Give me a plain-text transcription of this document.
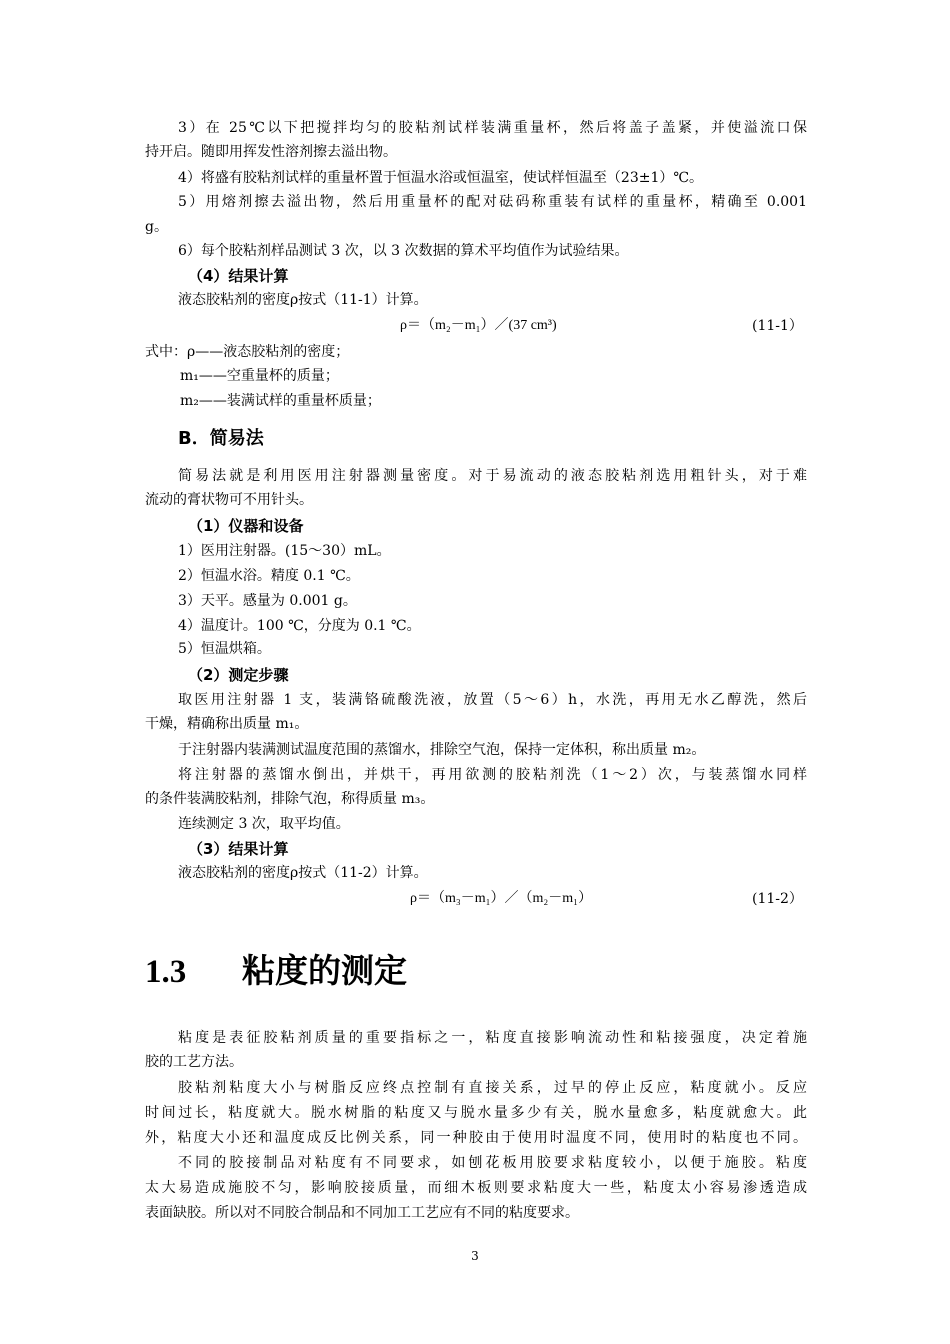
3）在 25℃以下把搅拌均匀的胶粘剂试样装满重量杯，然后将盖子盖紧，并使溢流口保
持开启。随即用挥发性溶剂擦去溢出物。
4）将盛有胶粘剂试样的重量杯置于恒温水浴或恒温室，使试样恒温至（23±1）℃。
5）用熔剂擦去溢出物，然后用重量杯的配对砝码称重装有试样的重量杯，精确至 0.001
g。
6）每个胶粘剂样品测试 3 次，以 3 次数据的算术平均值作为试验结果。
（4）结果计算
液态胶粘剂的密度ρ按式（11-1）计算。
ρ＝（m₂－m₁）／(37 cm³)	(11-1）
式中：ρ——液态胶粘剂的密度；
m₁——空重量杯的质量；
m₂——装满试样的重量杯质量；
B．简易法
简易法就是利用医用注射器测量密度。对于易流动的液态胶粘剂选用粗针头，对于难
流动的膏状物可不用针头。
（1）仪器和设备
1）医用注射器。(15～30）mL。
2）恒温水浴。精度 0.1 ℃。
3）天平。感量为 0.001 g。
4）温度计。100 ℃，分度为 0.1 ℃。
5）恒温烘箱。
（2）测定步骤
取医用注射器 1 支，装满铬硫酸洗液，放置（5～6）h，水洗，再用无水乙醇洗，然后
干燥，精确称出质量 m₁。
于注射器内装满测试温度范围的蒸馏水，排除空气泡，保持一定体积，称出质量 m₂。
将注射器的蒸馏水倒出，并烘干，再用欲测的胶粘剂洗（1～2）次，与装蒸馏水同样
的条件装满胶粘剂，排除气泡，称得质量 m₃。
连续测定 3 次，取平均值。
（3）结果计算
液态胶粘剂的密度ρ按式（11-2）计算。
ρ＝（m₃－m₁）／（m₂－m₁）	(11-2）
1.3 粘度的测定
粘度是表征胶粘剂质量的重要指标之一，粘度直接影响流动性和粘接强度，决定着施
胶的工艺方法。
胶粘剂粘度大小与树脂反应终点控制有直接关系，过早的停止反应，粘度就小。反应
时间过长，粘度就大。脱水树脂的粘度又与脱水量多少有关，脱水量愈多，粘度就愈大。此
外，粘度大小还和温度成反比例关系，同一种胶由于使用时温度不同，使用时的粘度也不同。
不同的胶接制品对粘度有不同要求，如刨花板用胶要求粘度较小，以便于施胶。粘度
太大易造成施胶不匀，影响胶接质量，而细木板则要求粘度大一些，粘度太小容易渗透造成
表面缺胶。所以对不同胶合制品和不同加工工艺应有不同的粘度要求。
3
